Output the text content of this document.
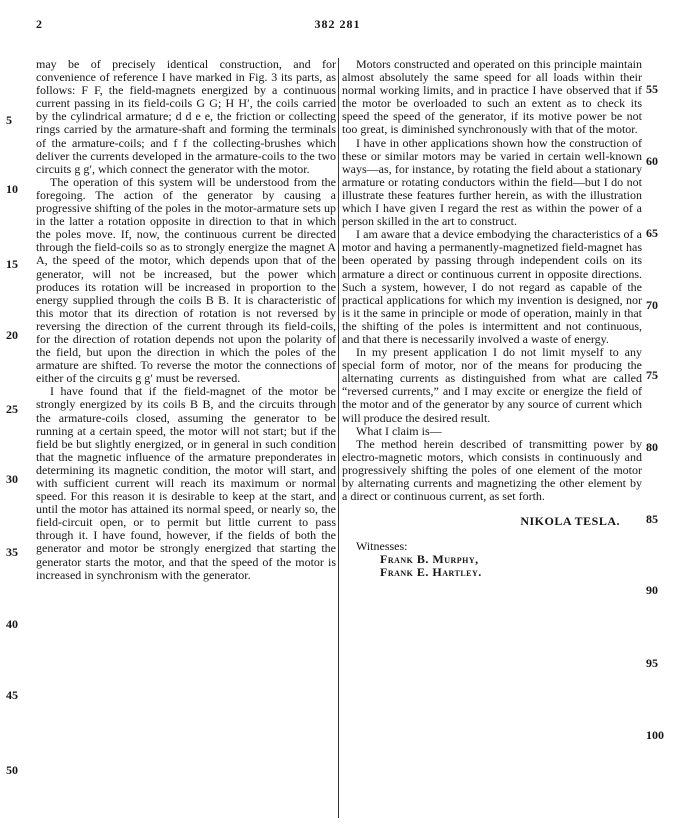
2	382 281
5
10
15
20
25
30
35
40
45
50
55
60
65
70
75
80
85
90
95
100

may be of precisely identical construction, and for convenience of reference I have marked in Fig. 3 its parts, as follows: F F, the field-magnets energized by a continuous current passing in its field-coils G G; H H′, the coils carried by the cylindrical armature; d d e e, the friction or collecting rings carried by the armature-shaft and forming the terminals of the armature-coils; and f f the collecting-brushes which deliver the currents developed in the armature-coils to the two circuits g g′, which connect the generator with the motor.

The operation of this system will be understood from the foregoing. The action of the generator by causing a progressive shifting of the poles in the motor-armature sets up in the latter a rotation opposite in direction to that in which the poles move. If, now, the continuous current be directed through the field-coils so as to strongly energize the magnet A A, the speed of the motor, which depends upon that of the generator, will not be increased, but the power which produces its rotation will be increased in proportion to the energy supplied through the coils B B. It is characteristic of this motor that its direction of rotation is not reversed by reversing the direction of the current through its field-coils, for the direction of rotation depends not upon the polarity of the field, but upon the direction in which the poles of the armature are shifted. To reverse the motor the connections of either of the circuits g g′ must be reversed.

I have found that if the field-magnet of the motor be strongly energized by its coils B B, and the circuits through the armature-coils closed, assuming the generator to be running at a certain speed, the motor will not start; but if the field be but slightly energized, or in general in such condition that the magnetic influence of the armature preponderates in determining its magnetic condition, the motor will start, and with sufficient current will reach its maximum or normal speed. For this reason it is desirable to keep at the start, and until the motor has attained its normal speed, or nearly so, the field-circuit open, or to permit but little current to pass through it. I have found, however, if the fields of both the generator and motor be strongly energized that starting the generator starts the motor, and that the speed of the motor is increased in synchronism with the generator.

Motors constructed and operated on this principle maintain almost absolutely the same speed for all loads within their normal working limits, and in practice I have observed that if the motor be overloaded to such an extent as to check its speed the speed of the generator, if its motive power be not too great, is diminished synchronously with that of the motor.

I have in other applications shown how the construction of these or similar motors may be varied in certain well-known ways—as, for instance, by rotating the field about a stationary armature or rotating conductors within the field—but I do not illustrate these features further herein, as with the illustration which I have given I regard the rest as within the power of a person skilled in the art to construct.

I am aware that a device embodying the characteristics of a motor and having a permanently-magnetized field-magnet has been operated by passing through independent coils on its armature a direct or continuous current in opposite directions. Such a system, however, I do not regard as capable of the practical applications for which my invention is designed, nor is it the same in principle or mode of operation, mainly in that the shifting of the poles is intermittent and not continuous, and that there is necessarily involved a waste of energy.

In my present application I do not limit myself to any special form of motor, nor of the means for producing the alternating currents as distinguished from what are called “reversed currents,” and I may excite or energize the field of the motor and of the generator by any source of current which will produce the desired result.

What I claim is—

The method herein described of transmitting power by electro-magnetic motors, which consists in continuously and progressively shifting the poles of one element of the motor by alternating currents and magnetizing the other element by a direct or continuous current, as set forth.

NIKOLA TESLA.

Witnesses:

Frank B. Murphy,

Frank E. Hartley.
